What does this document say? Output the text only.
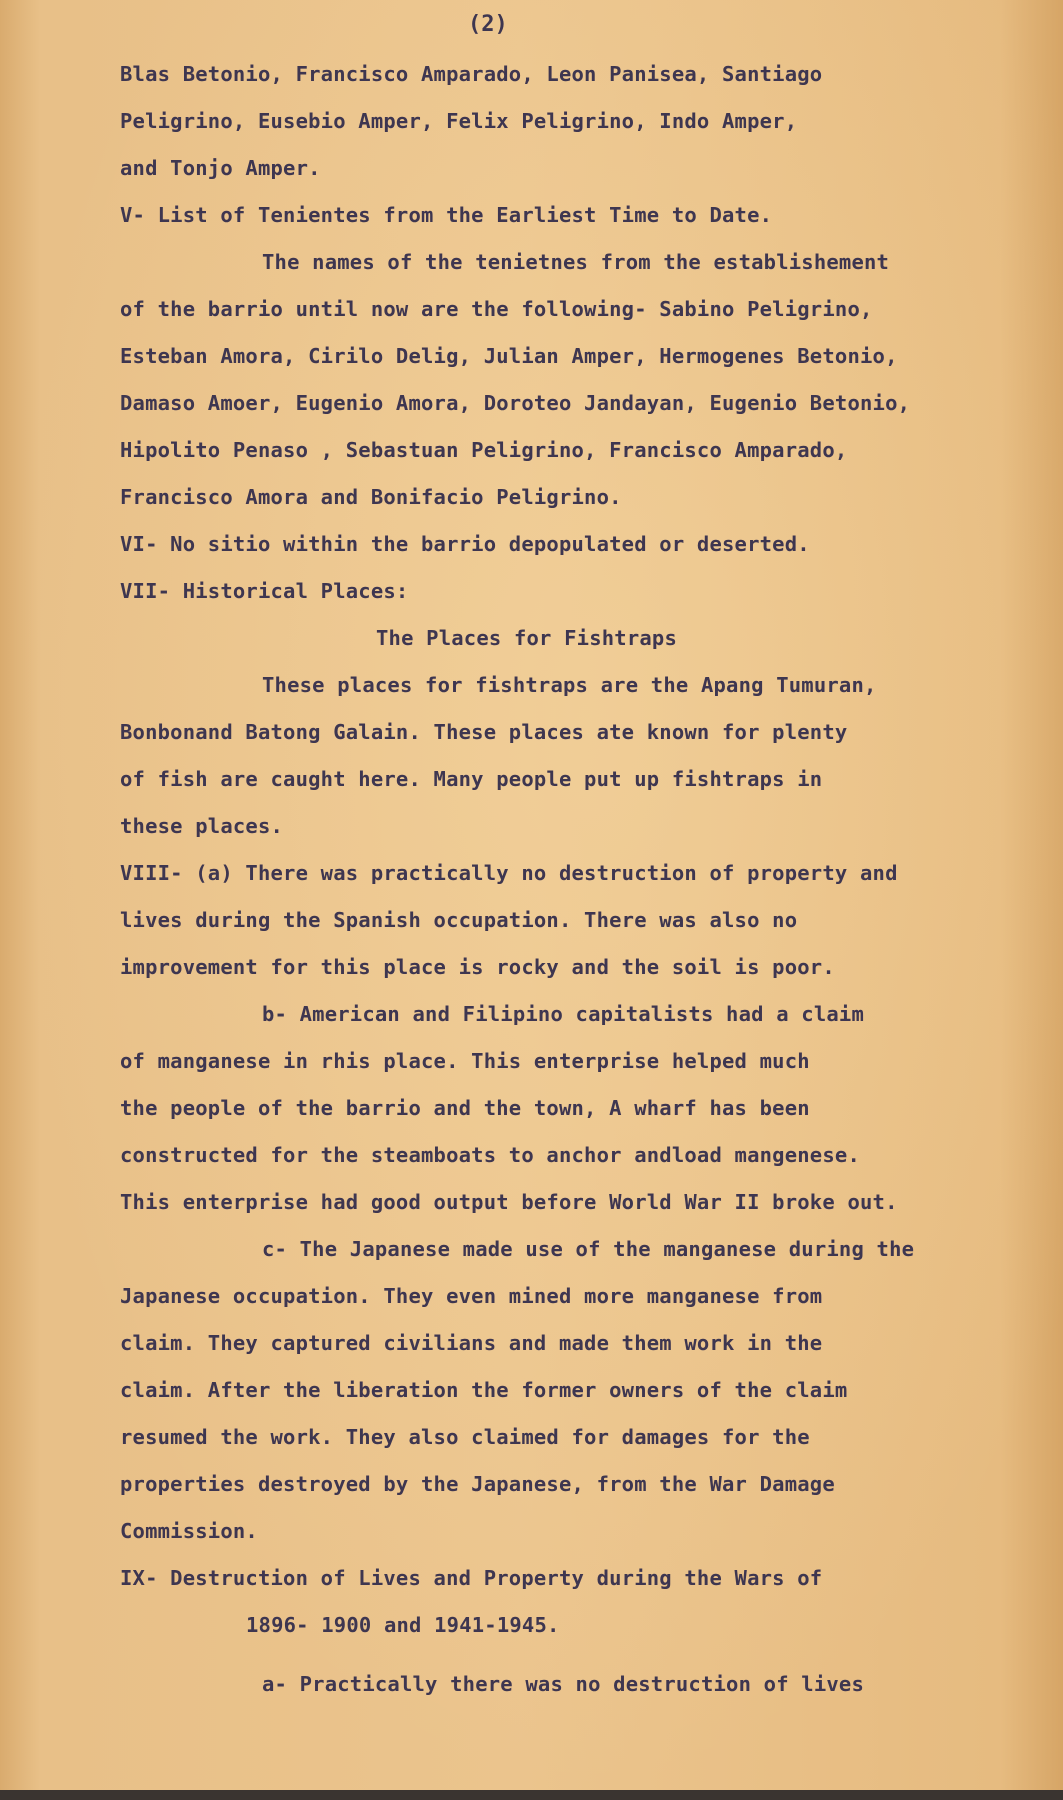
(2)
Blas Betonio, Francisco Amparado, Leon Panisea, Santiago
Peligrino, Eusebio Amper, Felix Peligrino, Indo Amper,
and Tonjo Amper.
V- List of Tenientes from the Earliest Time to Date.
The names of the tenietnes from the establishement
of the barrio until now are the following- Sabino Peligrino,
Esteban Amora, Cirilo Delig, Julian Amper, Hermogenes Betonio,
Damaso Amoer, Eugenio Amora, Doroteo Jandayan, Eugenio Betonio,
Hipolito Penaso , Sebastuan Peligrino, Francisco Amparado,
Francisco Amora and Bonifacio Peligrino.
VI- No sitio within the barrio depopulated or deserted.
VII- Historical Places:
The Places for Fishtraps
These places for fishtraps are the Apang Tumuran,
Bonbonand Batong Galain. These places ate known for plenty
of fish are caught here. Many people put up fishtraps in
these places.
VIII- (a) There was practically no destruction of property and
lives during the Spanish occupation. There was also no
improvement for this place is rocky and the soil is poor.
b- American and Filipino capitalists had a claim
of manganese in rhis place. This enterprise helped much
the people of the barrio and the town, A wharf has been
constructed for the steamboats to anchor andload mangenese.
This enterprise had good output before World War II broke out.
c- The Japanese made use of the manganese during the
Japanese occupation. They even mined more manganese from
claim. They captured civilians and made them work in the
claim. After the liberation the former owners of the claim
resumed the work. They also claimed for damages for the
properties destroyed by the Japanese, from the War Damage
Commission.
IX- Destruction of Lives and Property during the Wars of
1896- 1900 and 1941-1945.
a- Practically there was no destruction of lives
